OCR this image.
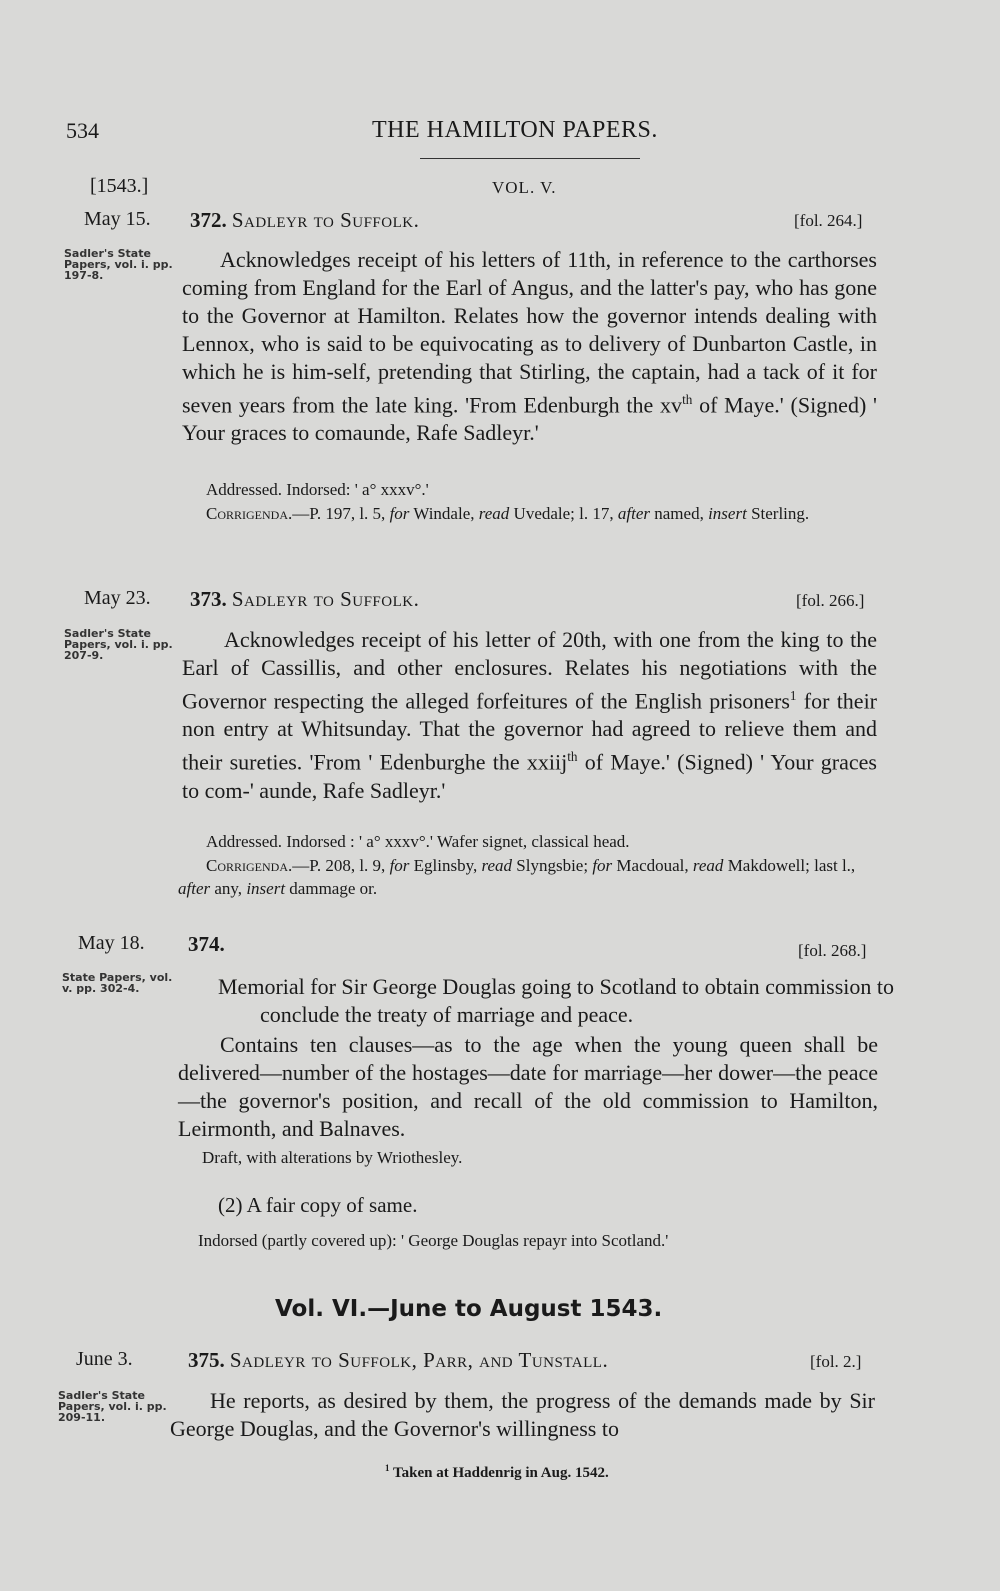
534	THE HAMILTON PAPERS.
[1543.]	VOL. V.
May 15. 372. Sadleyr to Suffolk.	[fol. 264.]
Sadler's State Papers, vol. i. pp. 197-8.
Acknowledges receipt of his letters of 11th, in reference to the carthorses coming from England for the Earl of Angus, and the latter's pay, who has gone to the Governor at Hamilton. Relates how the governor intends dealing with Lennox, who is said to be equivocating as to delivery of Dunbarton Castle, in which he is him-self, pretending that Stirling, the captain, had a tack of it for seven years from the late king. 'From Edenburgh the $xv^{th}$ of Maye.' (Signed) ' Your graces to comaunde, Rafe Sadleyr.'
Addressed. Indorsed: ' a° xxxv°.'
Corrigenda.—P. 197, l. 5, for Windale, read Uvedale; l. 17, after named, insert Sterling.
May 23. 373. Sadleyr to Suffolk.	[fol. 266.]
Sadler's State Papers, vol. i. pp. 207-9.
Acknowledges receipt of his letter of 20th, with one from the king to the Earl of Cassillis, and other enclosures. Relates his negotiations with the Governor respecting the alleged forfeitures of the English prisoners$^1$ for their non entry at Whitsunday. That the governor had agreed to relieve them and their sureties. 'From ' Edenburghe the xxiij$^{th}$ of Maye.' (Signed) ' Your graces to com-' aunde, Rafe Sadleyr.'
Addressed. Indorsed : ' a° xxxv°.' Wafer signet, classical head.
Corrigenda.—P. 208, l. 9, for Eglinsby, read Slyngsbie; for Macdoual, read Makdowell; last l., after any, insert dammage or.
May 18. 374.	[fol. 268.]
State Papers, vol. v. pp. 302-4.	Memorial for Sir George Douglas going to Scotland to obtain commission to conclude the treaty of marriage and peace.
Contains ten clauses—as to the age when the young queen shall be delivered—number of the hostages—date for marriage—her dower—the peace—the governor's position, and recall of the old commission to Hamilton, Leirmonth, and Balnaves.
Draft, with alterations by Wriothesley.
(2) A fair copy of same.
Indorsed (partly covered up): ' George Douglas repayr into Scotland.'
Vol. VI.—June to August 1543.
June 3.	375. Sadleyr to Suffolk, Parr, and Tunstall.	[fol. 2.]
Sadler's State Papers, vol. i. pp. 209-11.
He reports, as desired by them, the progress of the demands made by Sir George Douglas, and the Governor's willingness to
$^1$ Taken at Haddenrig in Aug. 1542.
